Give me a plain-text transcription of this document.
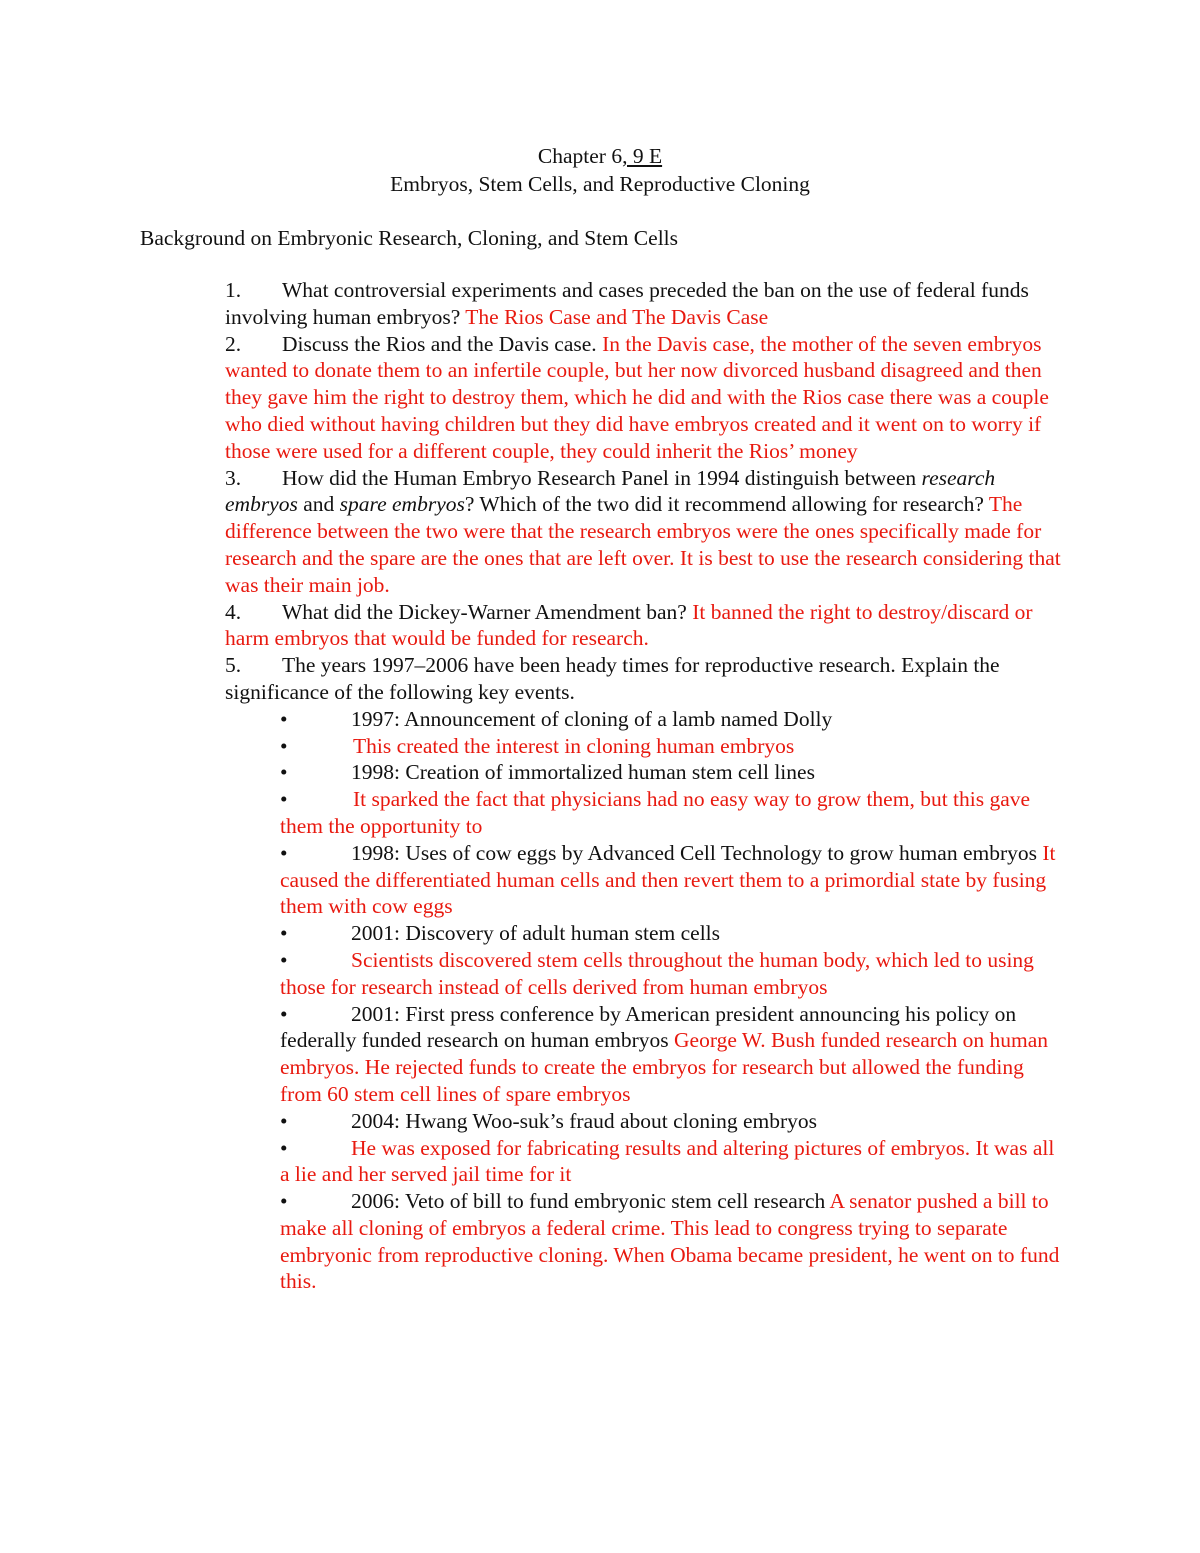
Chapter 6, 9 E
Embryos, Stem Cells, and Reproductive Cloning
Background on Embryonic Research, Cloning, and Stem Cells
1. What controversial experiments and cases preceded the ban on the use of federal funds involving human embryos? The Rios Case and The Davis Case
2. Discuss the Rios and the Davis case. In the Davis case, the mother of the seven embryos wanted to donate them to an infertile couple, but her now divorced husband disagreed and then they gave him the right to destroy them, which he did and with the Rios case there was a couple who died without having children but they did have embryos created and it went on to worry if those were used for a different couple, they could inherit the Rios’ money
3. How did the Human Embryo Research Panel in 1994 distinguish between research embryos and spare embryos? Which of the two did it recommend allowing for research? The difference between the two were that the research embryos were the ones specifically made for research and the spare are the ones that are left over. It is best to use the research considering that was their main job.
4. What did the Dickey-Warner Amendment ban? It banned the right to destroy/discard or harm embryos that would be funded for research.
5. The years 1997–2006 have been heady times for reproductive research. Explain the significance of the following key events.
•	1997: Announcement of cloning of a lamb named Dolly
•	This created the interest in cloning human embryos
•	1998: Creation of immortalized human stem cell lines
•	It sparked the fact that physicians had no easy way to grow them, but this gave them the opportunity to
•	1998: Uses of cow eggs by Advanced Cell Technology to grow human embryos It caused the differentiated human cells and then revert them to a primordial state by fusing them with cow eggs
•	2001: Discovery of adult human stem cells
•	Scientists discovered stem cells throughout the human body, which led to using those for research instead of cells derived from human embryos
•	2001: First press conference by American president announcing his policy on federally funded research on human embryos George W. Bush funded research on human embryos. He rejected funds to create the embryos for research but allowed the funding from 60 stem cell lines of spare embryos
•	2004: Hwang Woo-suk’s fraud about cloning embryos
•	He was exposed for fabricating results and altering pictures of embryos. It was all a lie and her served jail time for it
•	2006: Veto of bill to fund embryonic stem cell research A senator pushed a bill to make all cloning of embryos a federal crime. This lead to congress trying to separate embryonic from reproductive cloning. When Obama became president, he went on to fund this.
